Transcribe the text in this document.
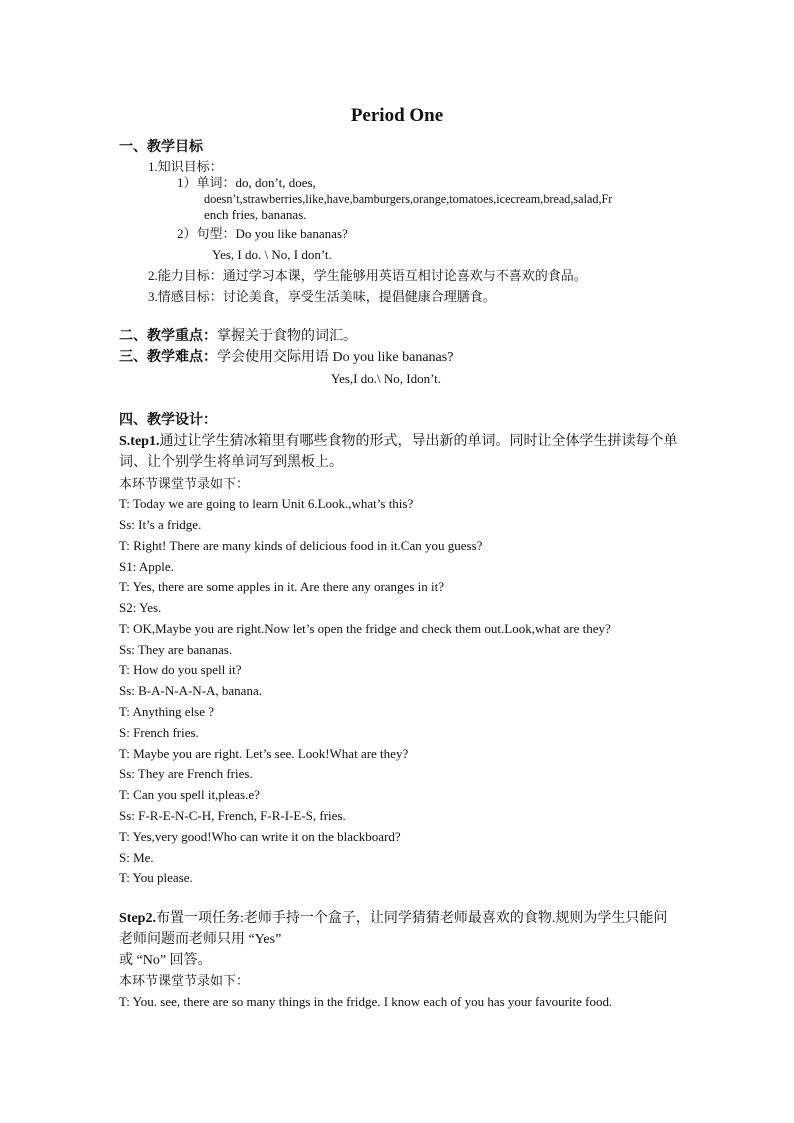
Period One
一、教学目标
1.知识目标：
1）单词：do, don’t, does,
doesn’t,strawberries,like,have,bamburgers,orange,tomatoes,icecream,bread,salad,Fr
ench fries, bananas.
2）句型：Do you like bananas?
Yes, I do. \ No, I don’t.
2.能力目标：通过学习本课，学生能够用英语互相讨论喜欢与不喜欢的食品。
3.情感目标：讨论美食，享受生活美味，提倡健康合理膳食。
二、教学重点：掌握关于食物的词汇。
三、教学难点：学会使用交际用语 Do you like bananas?
Yes,I do.\ No, Idon’t.
四、教学设计：
S.tep1.通过让学生猜冰箱里有哪些食物的形式，导出新的单词。同时让全体学生拼读每个单
词、让个别学生将单词写到黑板上。
本环节课堂节录如下：
T: Today we are going to learn Unit 6.Look.,what’s this?
Ss: It’s a fridge.
T: Right! There are many kinds of delicious food in it.Can you guess?
S1: Apple.
T: Yes, there are some apples in it. Are there any oranges in it?
S2: Yes.
T: OK,Maybe you are right.Now let’s open the fridge and check them out.Look,what are they?
Ss: They are bananas.
T: How do you spell it?
Ss: B-A-N-A-N-A, banana.
T: Anything else ?
S: French fries.
T: Maybe you are right. Let’s see. Look!What are they?
Ss: They are French fries.
T: Can you spell it,pleas.e?
Ss: F-R-E-N-C-H, French, F-R-I-E-S, fries.
T: Yes,very good!Who can write it on the blackboard?
S: Me.
T: You please.
Step2.布置一项任务:老师手持一个盒子，让同学猜猜老师最喜欢的食物.规则为学生只能问
老师问题而老师只用 “Yes”
或 “No” 回答。
本环节课堂节录如下：
T: You. see, there are so many things in the fridge. I know each of you has your favourite food.
